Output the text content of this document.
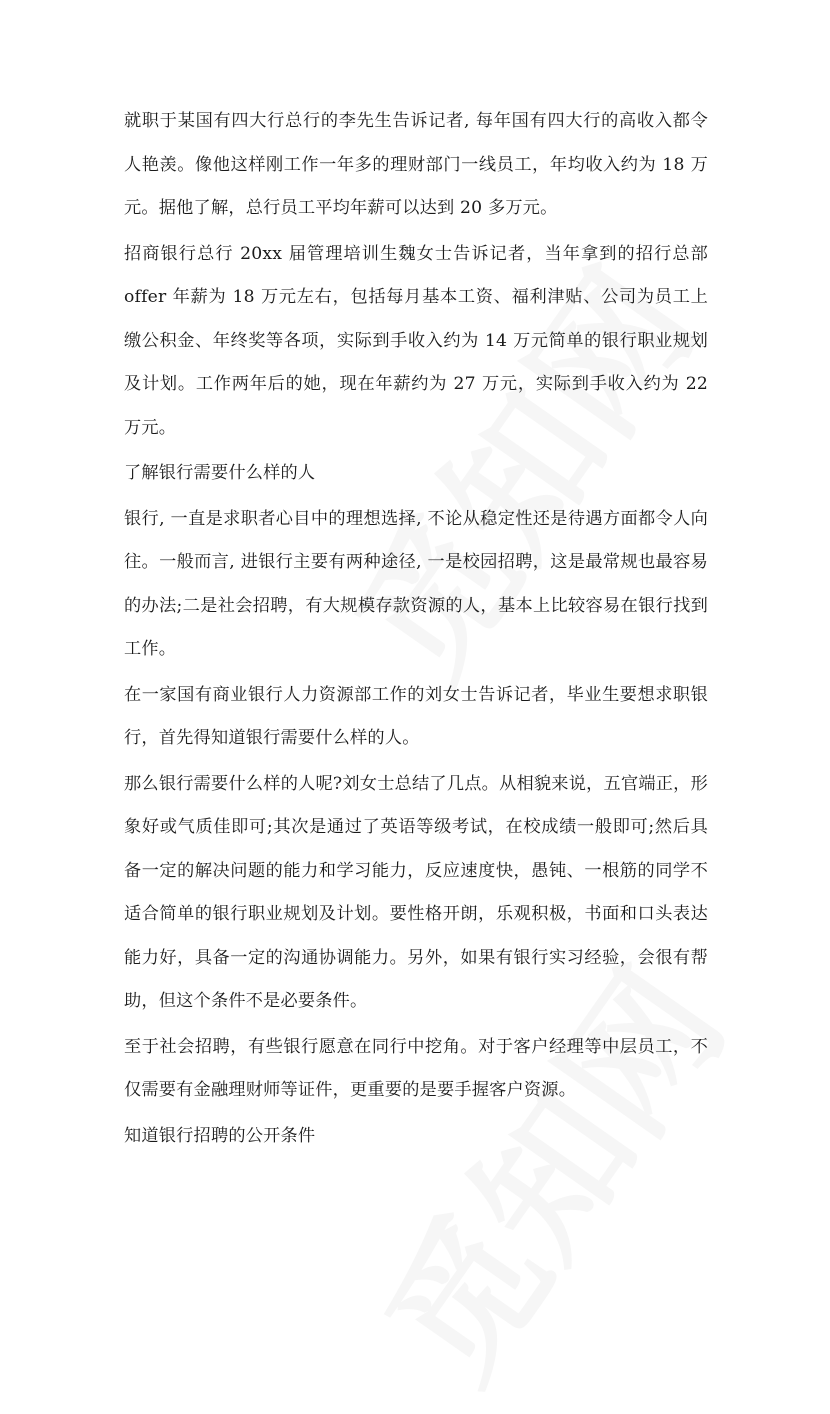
就职于某国有四大行总行的李先生告诉记者, 每年国有四大行的高收入都令人艳羡。像他这样刚工作一年多的理财部门一线员工，年均收入约为 18 万元。据他了解，总行员工平均年薪可以达到 20 多万元。

招商银行总行 20xx 届管理培训生魏女士告诉记者，当年拿到的招行总部 offer 年薪为 18 万元左右，包括每月基本工资、福利津贴、公司为员工上缴公积金、年终奖等各项，实际到手收入约为 14 万元简单的银行职业规划及计划。工作两年后的她，现在年薪约为 27 万元，实际到手收入约为 22 万元。

了解银行需要什么样的人

银行, 一直是求职者心目中的理想选择, 不论从稳定性还是待遇方面都令人向往。一般而言, 进银行主要有两种途径, 一是校园招聘，这是最常规也最容易的办法;二是社会招聘，有大规模存款资源的人，基本上比较容易在银行找到工作。

在一家国有商业银行人力资源部工作的刘女士告诉记者，毕业生要想求职银行，首先得知道银行需要什么样的人。

那么银行需要什么样的人呢?刘女士总结了几点。从相貌来说，五官端正，形象好或气质佳即可;其次是通过了英语等级考试，在校成绩一般即可;然后具备一定的解决问题的能力和学习能力，反应速度快，愚钝、一根筋的同学不适合简单的银行职业规划及计划。要性格开朗，乐观积极，书面和口头表达能力好，具备一定的沟通协调能力。另外，如果有银行实习经验，会很有帮助，但这个条件不是必要条件。

至于社会招聘，有些银行愿意在同行中挖角。对于客户经理等中层员工，不仅需要有金融理财师等证件，更重要的是要手握客户资源。

知道银行招聘的公开条件
